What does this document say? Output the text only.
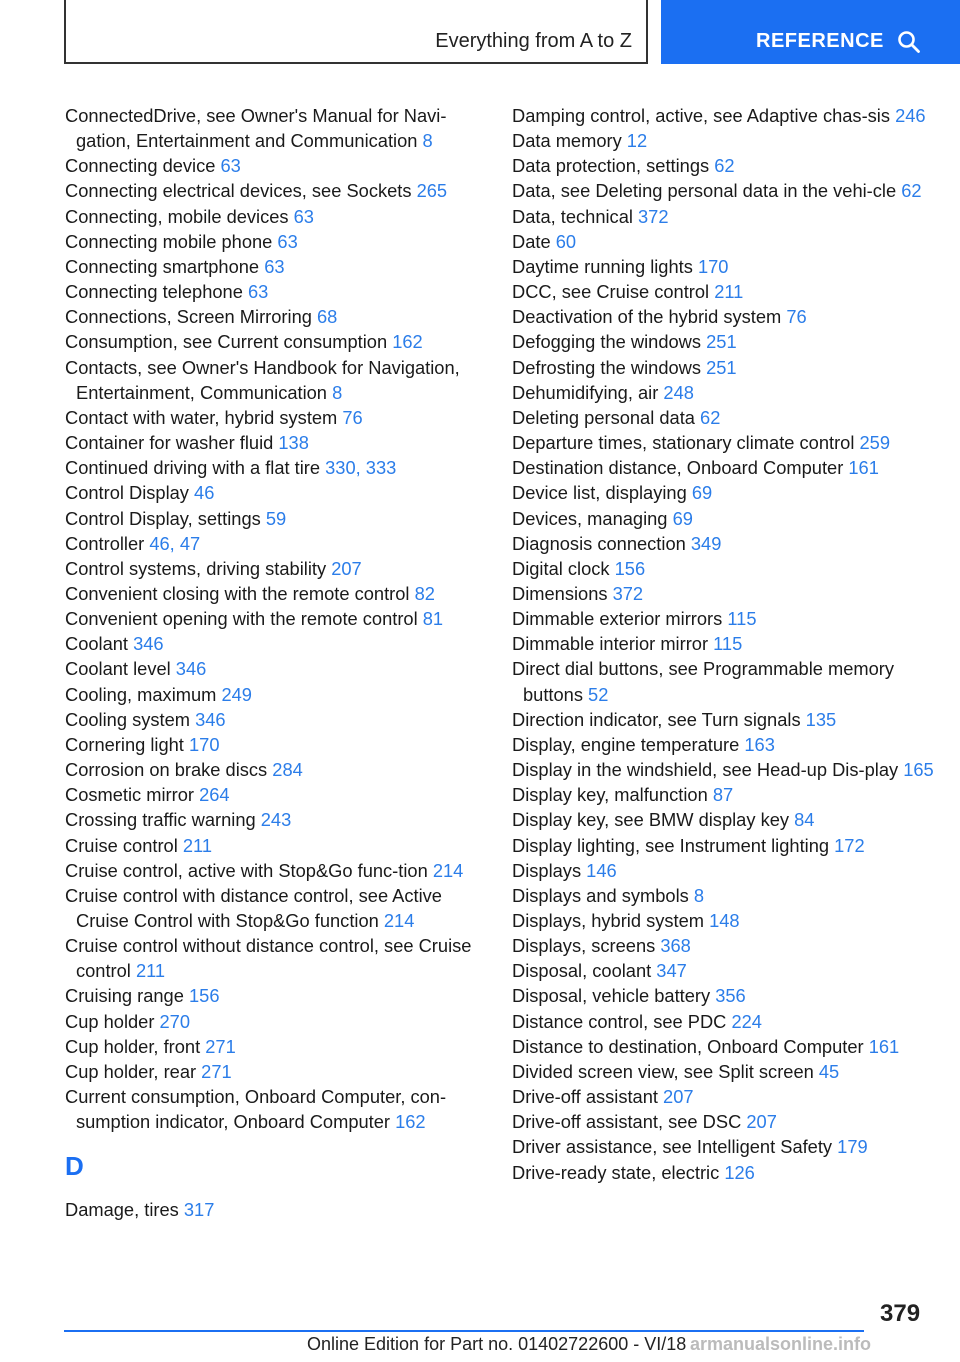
Everything from A to Z	REFERENCE

ConnectedDrive, see Owner's Manual for Navi-gation, Entertainment and Communication 8

Connecting device 63

Connecting electrical devices, see Sockets 265

Connecting, mobile devices 63

Connecting mobile phone 63

Connecting smartphone 63

Connecting telephone 63

Connections, Screen Mirroring 68

Consumption, see Current consumption 162

Contacts, see Owner's Handbook for Navigation, Entertainment, Communication 8

Contact with water, hybrid system 76

Container for washer fluid 138

Continued driving with a flat tire 330, 333

Control Display 46

Control Display, settings 59

Controller 46, 47

Control systems, driving stability 207

Convenient closing with the remote control 82

Convenient opening with the remote control 81

Coolant 346

Coolant level 346

Cooling, maximum 249

Cooling system 346

Cornering light 170

Corrosion on brake discs 284

Cosmetic mirror 264

Crossing traffic warning 243

Cruise control 211

Cruise control, active with Stop&Go func-tion 214

Cruise control with distance control, see Active Cruise Control with Stop&Go function 214

Cruise control without distance control, see Cruise control 211

Cruising range 156

Cup holder 270

Cup holder, front 271

Cup holder, rear 271

Current consumption, Onboard Computer, con-sumption indicator, Onboard Computer 162

D

Damage, tires 317

Damping control, active, see Adaptive chas-sis 246

Data memory 12

Data protection, settings 62

Data, see Deleting personal data in the vehi-cle 62

Data, technical 372

Date 60

Daytime running lights 170

DCC, see Cruise control 211

Deactivation of the hybrid system 76

Defogging the windows 251

Defrosting the windows 251

Dehumidifying, air 248

Deleting personal data 62

Departure times, stationary climate control 259

Destination distance, Onboard Computer 161

Device list, displaying 69

Devices, managing 69

Diagnosis connection 349

Digital clock 156

Dimensions 372

Dimmable exterior mirrors 115

Dimmable interior mirror 115

Direct dial buttons, see Programmable memory buttons 52

Direction indicator, see Turn signals 135

Display, engine temperature 163

Display in the windshield, see Head-up Dis-play 165

Display key, malfunction 87

Display key, see BMW display key 84

Display lighting, see Instrument lighting 172

Displays 146

Displays and symbols 8

Displays, hybrid system 148

Displays, screens 368

Disposal, coolant 347

Disposal, vehicle battery 356

Distance control, see PDC 224

Distance to destination, Onboard Computer 161

Divided screen view, see Split screen 45

Drive-off assistant 207

Drive-off assistant, see DSC 207

Driver assistance, see Intelligent Safety 179

Drive-ready state, electric 126

379
Online Edition for Part no. 01402722600 - VI/18 armanualsonline.info
